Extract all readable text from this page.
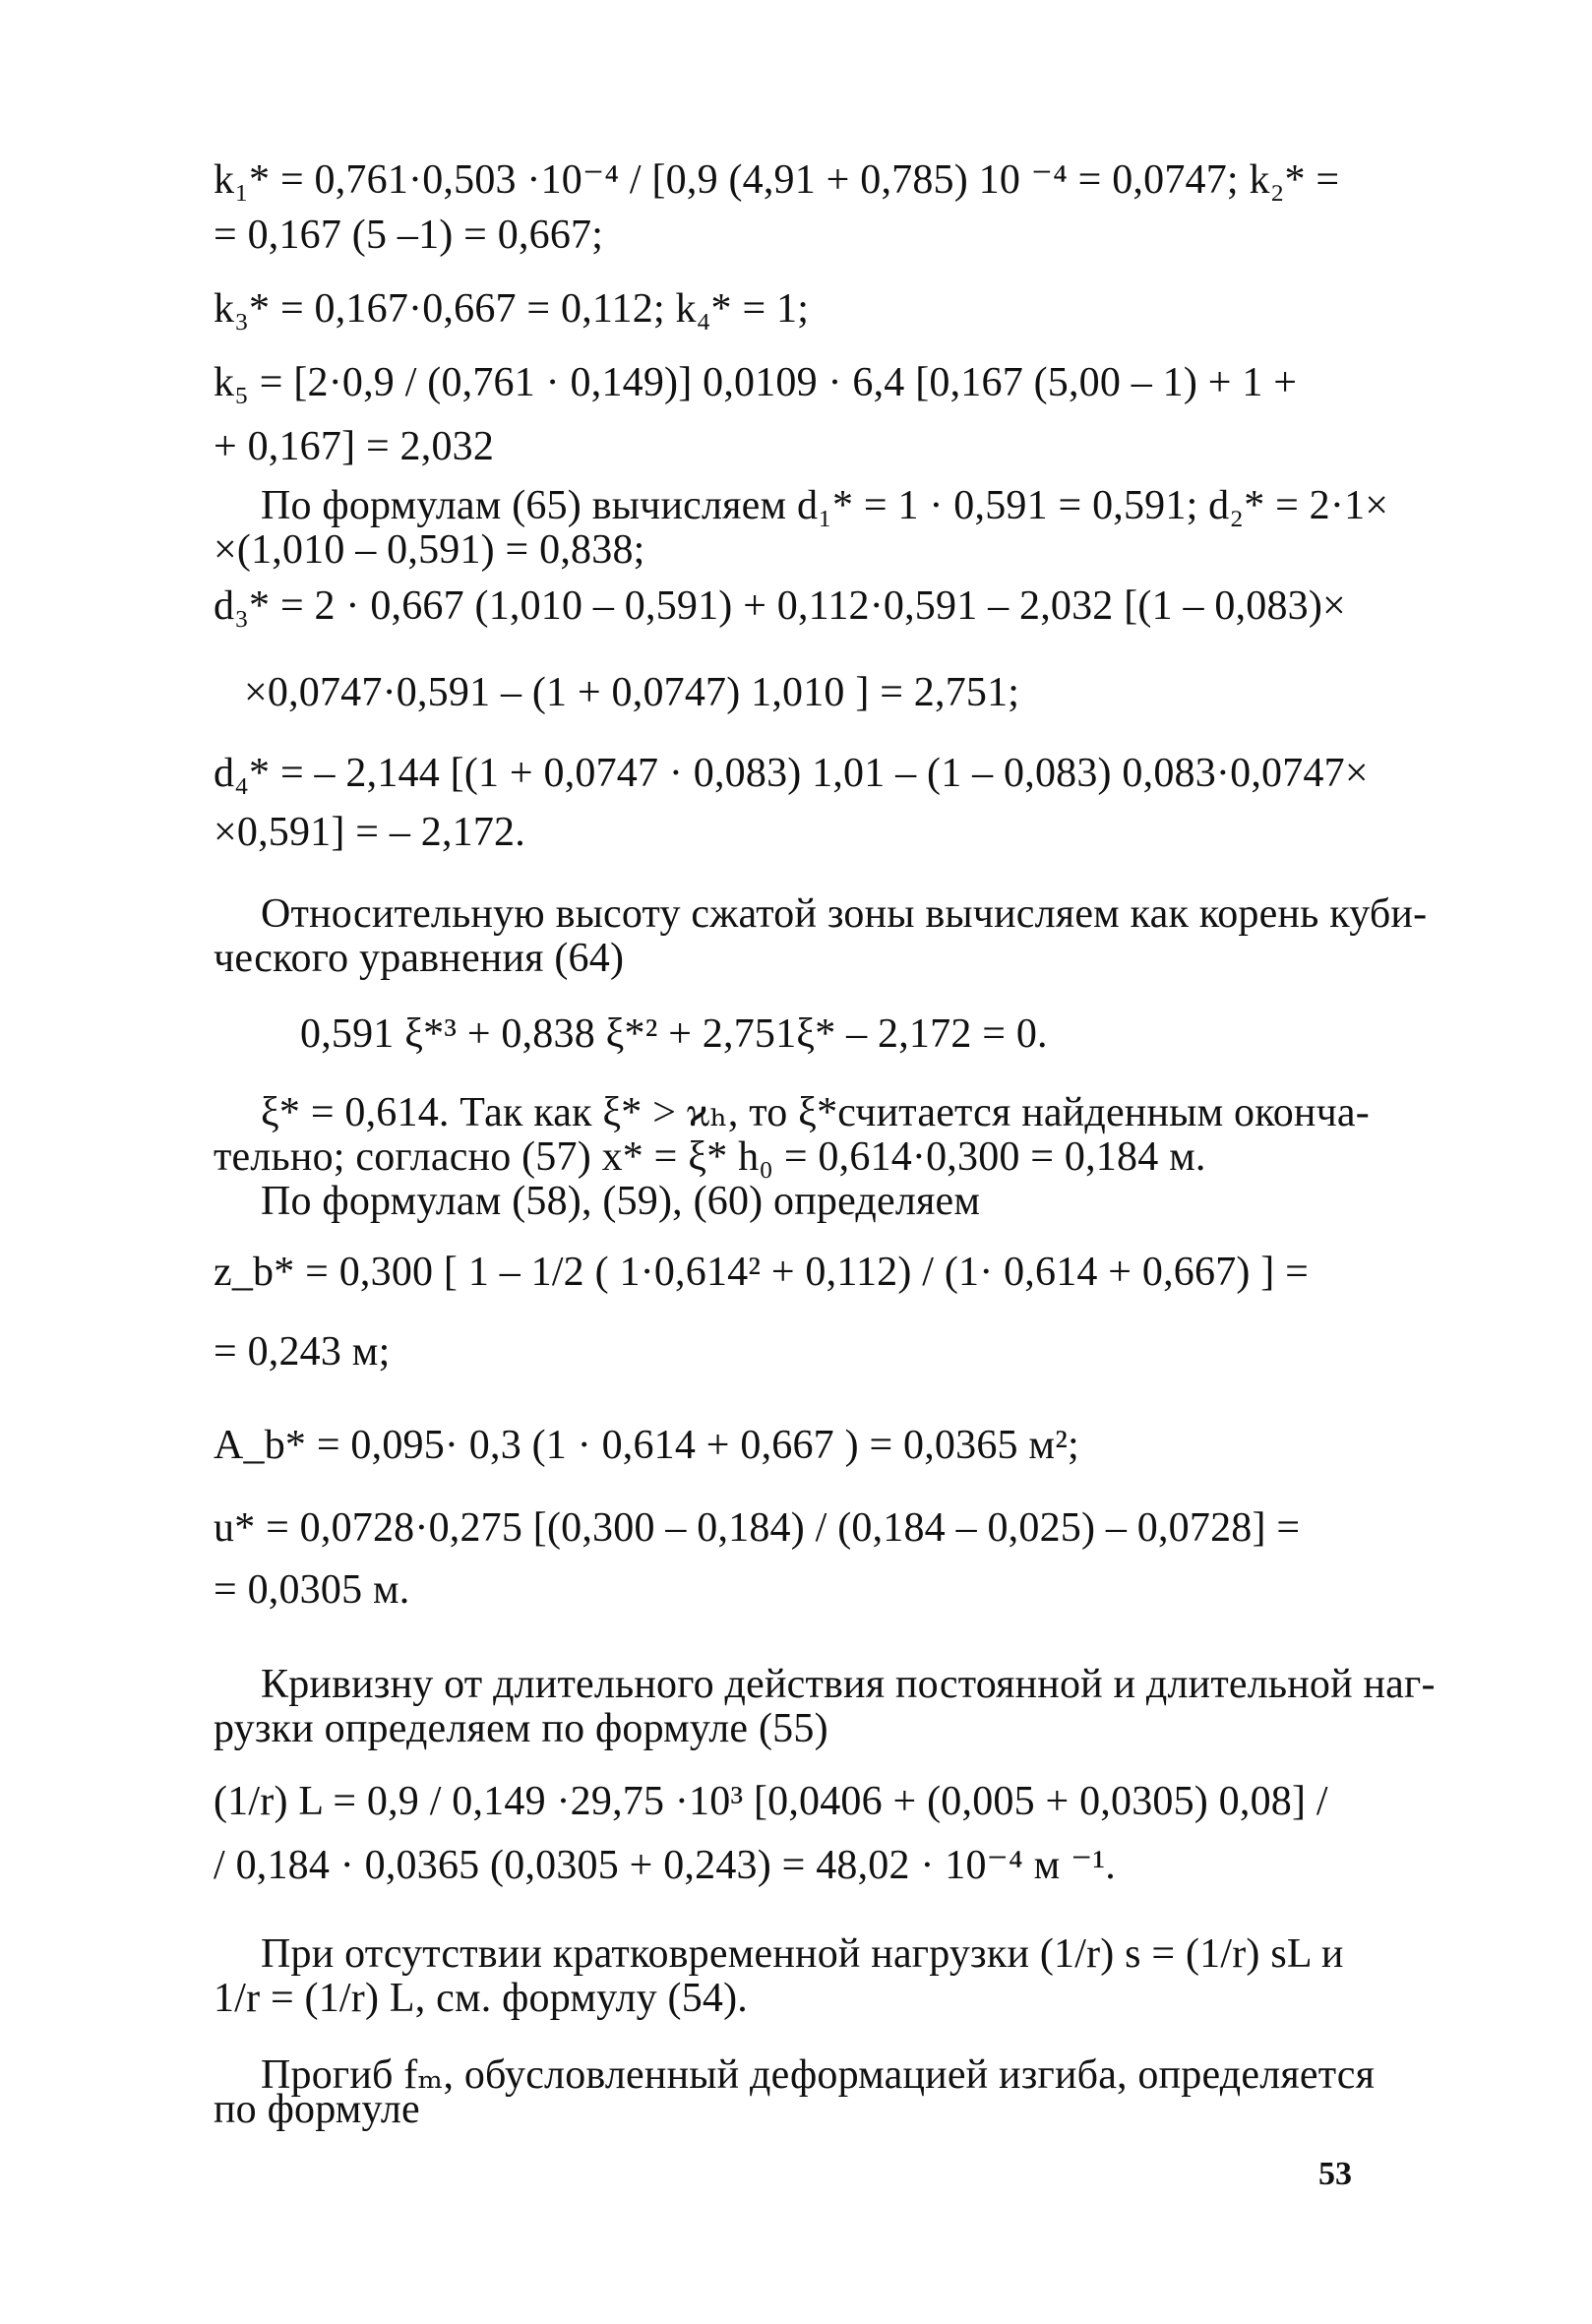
k₁* = 0,761·0,503 ·10⁻⁴ / [0,9 (4,91 + 0,785) 10 ⁻⁴ = 0,0747; k₂* =
= 0,167 (5 –1) = 0,667;
k₃* = 0,167·0,667 = 0,112; k₄* = 1;
k₅ = [2·0,9 / (0,761 · 0,149)] 0,0109 · 6,4 [0,167 (5,00 – 1) + 1 +
+ 0,167] = 2,032
По формулам (65) вычисляем d₁* = 1 · 0,591 = 0,591; d₂* = 2·1×
×(1,010 – 0,591) = 0,838;
d₃* = 2 · 0,667 (1,010 – 0,591) + 0,112·0,591 – 2,032 [(1 – 0,083)×
×0,0747·0,591 – (1 + 0,0747) 1,010 ] = 2,751;
d₄* = – 2,144 [(1 + 0,0747 · 0,083) 1,01 – (1 – 0,083) 0,083·0,0747×
×0,591] = – 2,172.
Относительную высоту сжатой зоны вычисляем как корень куби-
ческого уравнения (64)
0,591 ξ*³ + 0,838 ξ*² + 2,751ξ* – 2,172 = 0.
ξ* = 0,614. Так как ξ* > ϰₕ, то ξ*считается найденным оконча-
тельно; согласно (57) x* = ξ* h₀ = 0,614·0,300 = 0,184 м.
По формулам (58), (59), (60) определяем
z_b* = 0,300 [ 1 – 1/2 ( 1·0,614² + 0,112) / (1· 0,614 + 0,667) ] =
= 0,243 м;
A_b* = 0,095· 0,3 (1 · 0,614 + 0,667 ) = 0,0365 м²;
u* = 0,0728·0,275 [(0,300 – 0,184) / (0,184 – 0,025) – 0,0728] =
= 0,0305 м.
Кривизну от длительного действия постоянной и длительной наг-
рузки определяем по формуле (55)
(1/r) L = 0,9 / 0,149 ·29,75 ·10³ [0,0406 + (0,005 + 0,0305) 0,08] /
/ 0,184 · 0,0365 (0,0305 + 0,243) = 48,02 · 10⁻⁴ м ⁻¹.
При отсутствии кратковременной нагрузки (1/r) s = (1/r) sL и
1/r = (1/r) L, см. формулу (54).
Прогиб fₘ, обусловленный деформацией изгиба, определяется
по формуле
53
